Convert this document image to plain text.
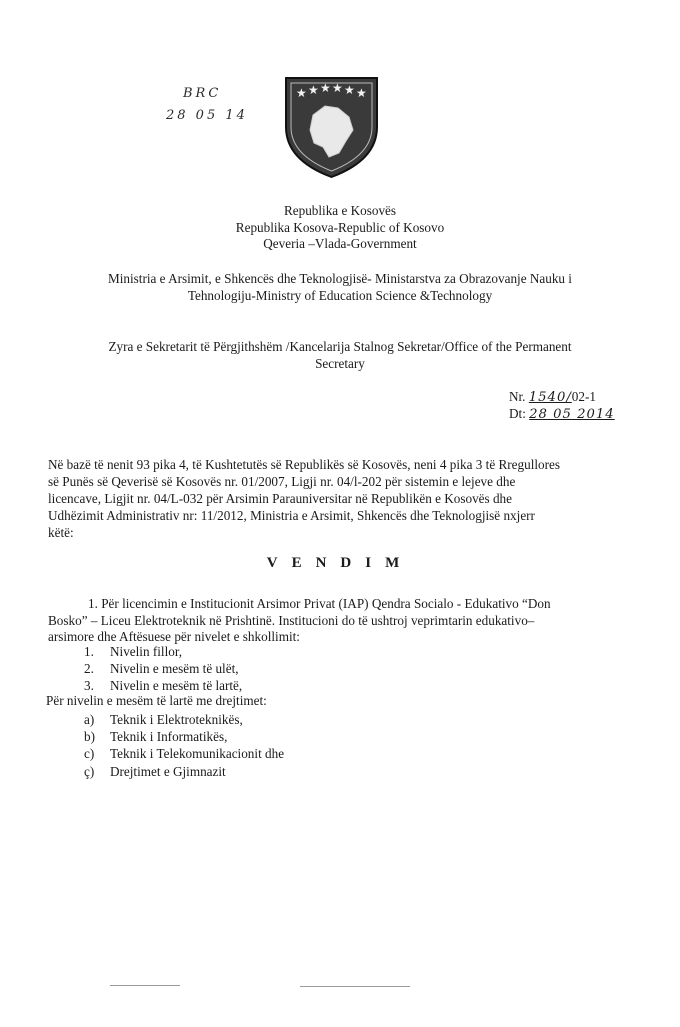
BRC
28 05 14
★ ★ ★ ★ ★ ★
Republika e Kosovës
Republika Kosova-Republic of Kosovo
Qeveria –Vlada-Government
Ministria e Arsimit, e Shkencës dhe Teknologjisë- Ministarstva za Obrazovanje Nauku i
Tehnologiju-Ministry of Education Science &Technology
Zyra e Sekretarit të Përgjithshëm /Kancelarija Stalnog Sekretar/Office of the Permanent
Secretary
Nr. 1540/02-1
Dt: 28 05 2014
Në bazë të nenit 93 pika 4, të Kushtetutës së Republikës së Kosovës, neni 4 pika 3 të Rregullores
së Punës së Qeverisë së Kosovës nr. 01/2007, Ligji nr. 04/l-202 për sistemin e lejeve dhe
licencave, Ligjit nr. 04/L-032 për Arsimin Parauniversitar në Republikën e Kosovës dhe
Udhëzimit Administrativ nr: 11/2012, Ministria e Arsimit, Shkencës dhe Teknologjisë nxjerr
këtë:
VENDIM
1. Për licencimin e Institucionit Arsimor Privat (IAP) Qendra Socialo - Edukativo “Don
Bosko” – Liceu Elektroteknik në Prishtinë. Institucioni do të ushtroj veprimtarin edukativo–
arsimore dhe Aftësuese për nivelet e shkollimit:
1. Nivelin fillor,
2. Nivelin e mesëm të ulët,
3. Nivelin e mesëm të lartë,
Për nivelin e mesëm të lartë me drejtimet:
a) Teknik i Elektroteknikës,
b) Teknik i Informatikës,
c) Teknik i Telekomunikacionit dhe
ç) Drejtimet e Gjimnazit
